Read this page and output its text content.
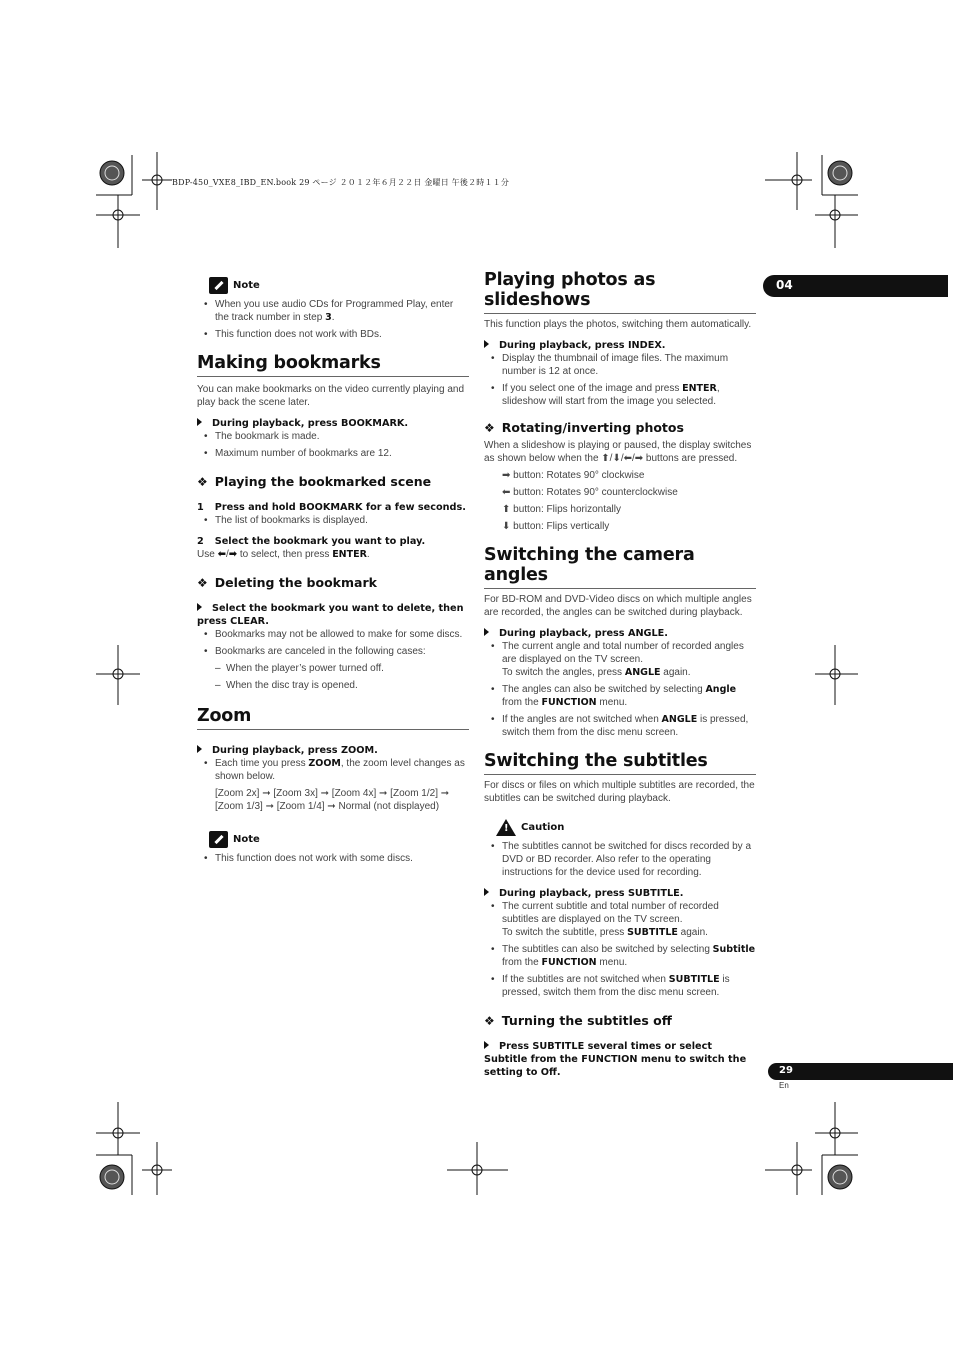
BDP-450_VXE8_IBD_EN.book 29 ページ ２０１２年６月２２日 金曜日 午後２時１１分
04
29
En
Note
• When you use audio CDs for Programmed Play, enter the track number in step 3.
• This function does not work with BDs.
Making bookmarks

You can make bookmarks on the video currently playing and play back the scene later.

During playback, press BOOKMARK.
• The bookmark is made.
• Maximum number of bookmarks are 12.
❖ Playing the bookmarked scene
1 Press and hold BOOKMARK for a few seconds.
• The list of bookmarks is displayed.
2 Select the bookmark you want to play.

Use ⬅/➡ to select, then press ENTER.

❖ Deleting the bookmark
Select the bookmark you want to delete, then press CLEAR.
• Bookmarks may not be allowed to make for some discs.
• Bookmarks are canceled in the following cases:
– When the player’s power turned off.
– When the disc tray is opened.
Zoom
During playback, press ZOOM.
• Each time you press ZOOM, the zoom level changes as shown below.

[Zoom 2x] ➞ [Zoom 3x] ➞ [Zoom 4x] ➞ [Zoom 1/2] ➞ [Zoom 1/3] ➞ [Zoom 1/4] ➞ Normal (not displayed)

Note
• This function does not work with some discs.
Playing photos as slideshows

This function plays the photos, switching them automatically.

During playback, press INDEX.
• Display the thumbnail of image files. The maximum number is 12 at once.
• If you select one of the image and press ENTER, slideshow will start from the image you selected.
❖ Rotating/inverting photos

When a slideshow is playing or paused, the display switches as shown below when the ⬆/⬇/⬅/➡ buttons are pressed.

➡ button: Rotates 90° clockwise

⬅ button: Rotates 90° counterclockwise

⬆ button: Flips horizontally

⬇ button: Flips vertically

Switching the camera angles

For BD-ROM and DVD-Video discs on which multiple angles are recorded, the angles can be switched during playback.

During playback, press ANGLE.
• The current angle and total number of recorded angles are displayed on the TV screen.
To switch the angles, press ANGLE again.
• The angles can also be switched by selecting Angle from the FUNCTION menu.
• If the angles are not switched when ANGLE is pressed, switch them from the disc menu screen.
Switching the subtitles

For discs or files on which multiple subtitles are recorded, the subtitles can be switched during playback.

!
Caution
• The subtitles cannot be switched for discs recorded by a DVD or BD recorder. Also refer to the operating instructions for the device used for recording.
During playback, press SUBTITLE.
• The current subtitle and total number of recorded subtitles are displayed on the TV screen.
To switch the subtitle, press SUBTITLE again.
• The subtitles can also be switched by selecting Subtitle from the FUNCTION menu.
• If the subtitles are not switched when SUBTITLE is pressed, switch them from the disc menu screen.
❖ Turning the subtitles off
Press SUBTITLE several times or select Subtitle from the FUNCTION menu to switch the setting to Off.
